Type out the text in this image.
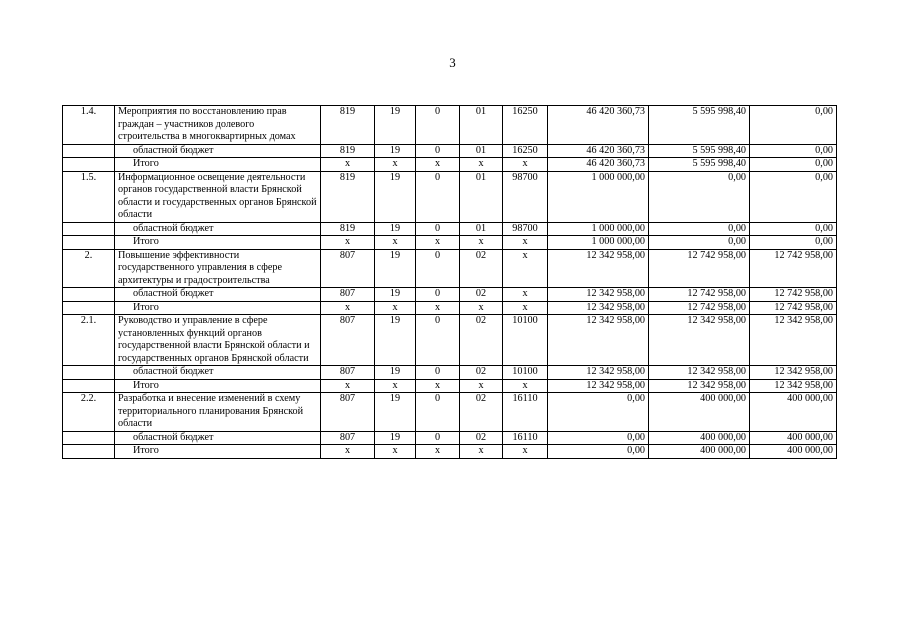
3
1.4.	Мероприятия по восстановлению прав граждан – участников долевого строительства в многоквартирных домах	819	19	0	01	16250	46 420 360,73	5 595 998,40	0,00
	областной бюджет	819	19	0	01	16250	46 420 360,73	5 595 998,40	0,00
	Итого	х	х	х	х	х	46 420 360,73	5 595 998,40	0,00
1.5.	Информационное освещение деятельности органов государственной власти Брянской области и государственных органов Брянской области	819	19	0	01	98700	1 000 000,00	0,00	0,00
	областной бюджет	819	19	0	01	98700	1 000 000,00	0,00	0,00
	Итого	х	х	х	х	х	1 000 000,00	0,00	0,00
2.	Повышение эффективности государственного управления в сфере архитектуры и градостроительства	807	19	0	02	х	12 342 958,00	12 742 958,00	12 742 958,00
	областной бюджет	807	19	0	02	х	12 342 958,00	12 742 958,00	12 742 958,00
	Итого	х	х	х	х	х	12 342 958,00	12 742 958,00	12 742 958,00
2.1.	Руководство и управление в сфере установленных функций органов государственной власти Брянской области и государственных органов Брянской области	807	19	0	02	10100	12 342 958,00	12 342 958,00	12 342 958,00
	областной бюджет	807	19	0	02	10100	12 342 958,00	12 342 958,00	12 342 958,00
	Итого	х	х	х	х	х	12 342 958,00	12 342 958,00	12 342 958,00
2.2.	Разработка и внесение изменений в схему территориального планирования Брянской области	807	19	0	02	16110	0,00	400 000,00	400 000,00
	областной бюджет	807	19	0	02	16110	0,00	400 000,00	400 000,00
	Итого	х	х	х	х	х	0,00	400 000,00	400 000,00
